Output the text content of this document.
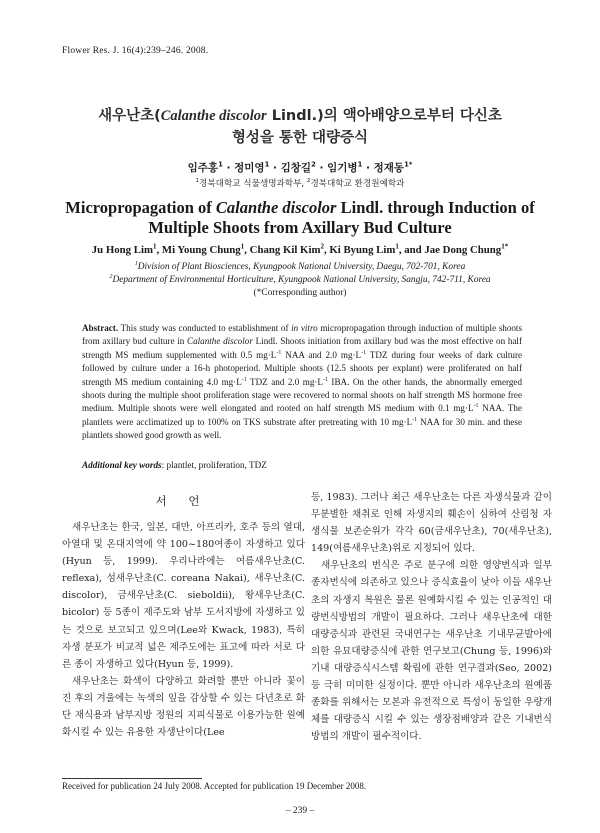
Flower Res. J. 16(4):239–246. 2008.
새우난초(Calanthe discolor Lindl.)의 액아배양으로부터 다신초
형성을 통한 대량증식
임주홍$^1$ · 정미영$^1$ · 김창길$^2$ · 임기병$^1$ · 정재동$^{1*}$
$^1$경북대학교 식물생명과학부, $^2$경북대학교 환경원예학과
Micropropagation of Calanthe discolor Lindl. through Induction of Multiple Shoots from Axillary Bud Culture
Ju Hong Lim$^1$, Mi Young Chung$^1$, Chang Kil Kim$^2$, Ki Byung Lim$^1$, and Jae Dong Chung$^{1*}$
$^1$Division of Plant Biosciences, Kyungpook National University, Daegu, 702-701, Korea
$^2$Department of Environmental Horticulture, Kyungpook National University, Sangju, 742-711, Korea
(*Corresponding author)
Abstract. This study was conducted to establishment of in vitro micropropagation through induction of multiple shoots from axillary bud culture in Calanthe discolor Lindl. Shoots initiation from axillary bud was the most effective on half strength MS medium supplemented with 0.5 $mg\cdot L^{-1}$ NAA and 2.0 $mg\cdot L^{-1}$ TDZ during four weeks of dark culture followed by culture under a 16-h photoperiod. Multiple shoots (12.5 shoots per explant) were proliferated on half strength MS medium containing 4.0 $mg\cdot L^{-1}$ TDZ and 2.0 $mg\cdot L^{-1}$ IBA. On the other hands, the abnormally emerged shoots during the multiple shoot proliferation stage were recovered to normal shoots on half strength MS hormone free medium. Multiple shoots were well elongated and rooted on half strength MS medium with 0.1 $mg\cdot L^{-1}$ NAA. The plantlets were acclimatized up to 100% on TKS substrate after pretreating with 10 $mg\cdot L^{-1}$ NAA for 30 min. and these plantlets showed good growth as well.
Additional key words: plantlet, proliferation, TDZ
서 언

새우난초는 한국, 일본, 대만, 아프리카, 호주 등의 열대, 아열대 및 온대지역에 약 100~180여종이 자생하고 있다(Hyun 등, 1999). 우리나라에는 여름새우난초(C. reflexa), 섬새우난초(C. coreana Nakai), 새우난초(C. discolor), 금새우난초(C. sieboldii), 왕새우난초(C. bicolor) 등 5종이 제주도와 남부 도서지방에 자생하고 있는 것으로 보고되고 있으며(Lee와 Kwack, 1983), 특히 자생 분포가 비교적 넓은 제주도에는 표고에 따라 서로 다른 종이 자생하고 있다(Hyun 등, 1999).

새우난초는 화색이 다양하고 화려할 뿐만 아니라 꽃이 진 후의 겨울에는 녹색의 잎을 감상할 수 있는 다년초로 화단 재식용과 남부지방 정원의 지피식물로 이용가능한 원예화시킬 수 있는 유용한 자생난이다(Lee

등, 1983). 그러나 최근 새우난초는 다른 자생식물과 같이 무분별한 채취로 인해 자생지의 훼손이 심하여 산림청 자생식물 보존순위가 각각 60(금새우난초), 70(새우난초), 149(여름새우난초)위로 지정되어 있다.

새우난초의 번식은 주로 분구에 의한 영양번식과 일부 종자번식에 의존하고 있으나 증식효율이 낮아 이들 새우난초의 자생지 복원은 물론 원예화시킬 수 있는 인공적인 대량번식방법의 개발이 필요하다. 그러나 새우난초에 대한 대량증식과 관련된 국내연구는 새우난초 기내무균발아에 의한 유묘대량증식에 관한 연구보고(Chung 등, 1996)와 기내 대량증식시스템 확립에 관한 연구결과(Seo, 2002) 등 극히 미미한 실정이다. 뿐만 아니라 새우난초의 원예품종화를 위해서는 모본과 유전적으로 특성이 동일한 우량개체를 대량증식 시킬 수 있는 생장점배양과 같은 기내번식방법의 개발이 필수적이다.

Received for publication 24 July 2008. Accepted for publication 19 December 2008.
– 239 –
